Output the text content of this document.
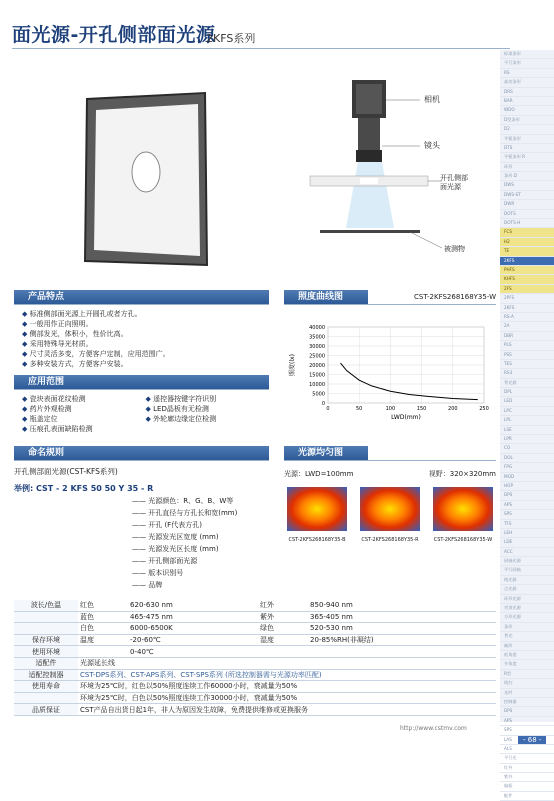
面光源-开孔侧部面光源
2KFS系列
相机
镜头
开孔侧部
面光源
被测物
产品特点
◆ 标准侧部面光源上开圆孔或者方孔。
◆ 一般用作正向照明。
◆ 侧部发光，体积小，性价比高。
◆ 采用特殊导光材质。
◆ 尺寸灵活多变，方便客户定制，应用范围广。
◆ 多种安装方式，方便客户安装。
应用范围
◆ 瓷块表面花纹检测	◆ 遥控器按键字符识别
◆ 药片外观检测	◆ LED晶板有无检测
◆ 瓶盖定位	◆ 外轮廓边缘定位检测
◆ 压痕孔表面缺陷检测
照度曲线图	CST-2KFS268168Y35-W
0
5000
10000
15000
20000
25000
30000
35000
40000
0	50	100	150	200	250
LWD(mm)
照度(lx)
命名规则
开孔侧部面光源(CST-KFS系列)
举例: CST - 2 KFS 50 50 Y 35 - R
—— 光源颜色：R、G、B、W等
—— 开孔直径与方孔长和宽(mm)
—— 开孔 (F代表方孔)
—— 光源发光区宽度 (mm)
—— 光源发光区长度 (mm)
—— 开孔侧部面光源
—— 版本识别号
—— 品牌
光源均匀图
光源：LWD=100mm	视野：320×320mm
CST-2KFS268168Y35-B	CST-2KFS268168Y35-R	CST-2KFS268168Y35-W
波长/色温	红色	620-630 nm	红外	850-940 nm
	蓝色	465-475 nm	紫外	365-405 nm
	白色	6000-6500K	绿色	520-530 nm
保存环境	温度	-20-60℃	湿度	20-85%RH(非凝结)
使用环境		0-40℃		
适配件	光源延长线			
适配控制器	CST-DPS系列、CST-APS系列、CST-SPS系列 (所选控制器需与光源功率匹配)			
使用寿命	环境为25℃时，红色以50%照度连续工作60000小时，衰减量为50%			
	环境为25℃时，白色以50%照度连续工作30000小时，衰减量为50%			
品质保证	CST产品自出货日起1年，非人为原因发生故障，免费提供维修或更换服务			
http://www.cstmv.com
- 68 -
标准条形
平行条形
RS
高亮条形
DRS
BAR
WDO
D型条形
D2
平板条形
DTS
平板条形 R
环形
条形 D
DWS
DWS-ST
DWR
DOTS
DOTS-H
FCS
H2
TE
2KFS
PHFS
KHFS
2FS
2PFS
2KFS
RS-A
2A
DBR
PLS
PSS
TES
RS3
背光源
DPL
LED
LPC
LPL
LSE
LPR
CO
DOL
FPG
MOD
HOP
DPS
APS
SPS
TFS
LEH
LDE
ACC
同轴光源
平行同轴
线光源
点光源
环形光源
穹顶光源
方形光源
条形
背光
碗形
低角度
多角度
R型
线扫
光纤
控制器
DPS
APS
SPS
LAS
ALS
平行光
红外
紫外
偏振
配件
